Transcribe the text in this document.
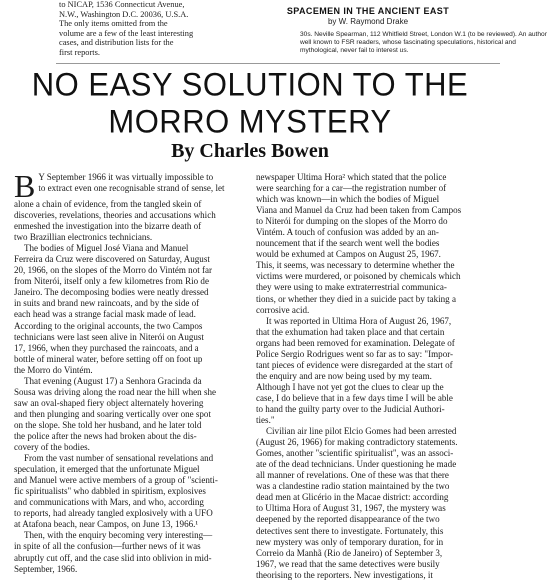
to NICAP, 1536 Connecticut Avenue,
N.W., Washington D.C. 20036, U.S.A.
The only items omitted from the
volume are a few of the least interesting
cases, and distribution lists for the
first reports.
SPACEMEN IN THE ANCIENT EAST
by W. Raymond Drake
30s. Neville Spearman, 112 Whitfield Street, London W.1 (to be reviewed). An author
well known to FSR readers, whose fascinating speculations, historical and
mythological, never fail to interest us.
NO EASY SOLUTION TO THE
MORRO MYSTERY
By Charles Bowen

B Y September 1966 it was virtually impossible to
to extract even one recognisable strand of sense, let
alone a chain of evidence, from the tangled skein of
discoveries, revelations, theories and accusations which
enmeshed the investigation into the bizarre death of
two Brazillian electronics technicians.

The bodies of Miguel José Viana and Manuel
Ferreira da Cruz were discovered on Saturday, August
20, 1966, on the slopes of the Morro do Vintém not far
from Niterói, itself only a few kilometres from Rio de
Janeiro. The decomposing bodies were neatly dressed
in suits and brand new raincoats, and by the side of
each head was a strange facial mask made of lead.
According to the original accounts, the two Campos
technicians were last seen alive in Niterói on August
17, 1966, when they purchased the raincoats, and a
bottle of mineral water, before setting off on foot up
the Morro do Vintém.

That evening (August 17) a Senhora Gracinda da
Sousa was driving along the road near the hill when she
saw an oval-shaped fiery object alternately hovering
and then plunging and soaring vertically over one spot
on the slope. She told her husband, and he later told
the police after the news had broken about the dis-
covery of the bodies.

From the vast number of sensational revelations and
speculation, it emerged that the unfortunate Miguel
and Manuel were active members of a group of "scienti-
fic spiritualists" who dabbled in spiritism, explosives
and communications with Mars, and who, according
to reports, had already tangled explosively with a UFO
at Atafona beach, near Campos, on June 13, 1966.¹

Then, with the enquiry becoming very interesting—
in spite of all the confusion—further news of it was
abruptly cut off, and the case slid into oblivion in mid-
September, 1966.

newspaper Ultima Hora² which stated that the police
were searching for a car—the registration number of
which was known—in which the bodies of Miguel
Viana and Manuel da Cruz had been taken from Campos
to Niterói for dumping on the slopes of the Morro do
Vintém. A touch of confusion was added by an an-
nouncement that if the search went well the bodies
would be exhumed at Campos on August 25, 1967.
This, it seems, was necessary to determine whether the
victims were murdered, or poisoned by chemicals which
they were using to make extraterrestrial communica-
tions, or whether they died in a suicide pact by taking a
corrosive acid.

It was reported in Ultima Hora of August 26, 1967,
that the exhumation had taken place and that certain
organs had been removed for examination. Delegate of
Police Sergio Rodrigues went so far as to say: "Impor-
tant pieces of evidence were disregarded at the start of
the enquiry and are now being used by my team.
Although I have not yet got the clues to clear up the
case, I do believe that in a few days time I will be able
to hand the guilty party over to the Judicial Authori-
ties."

Civilian air line pilot Elcio Gomes had been arrested
(August 26, 1966) for making contradictory statements.
Gomes, another "scientific spiritualist", was an associ-
ate of the dead technicians. Under questioning he made
all manner of revelations. One of these was that there
was a clandestine radio station maintained by the two
dead men at Glicério in the Macae district: according
to Ultima Hora of August 31, 1967, the mystery was
deepened by the reported disappearance of the two
detectives sent there to investigate. Fortunately, this
new mystery was only of temporary duration, for in
Correio da Manhã (Rio de Janeiro) of September 3,
1967, we read that the same detectives were busily
theorising to the reporters. New investigations, it
